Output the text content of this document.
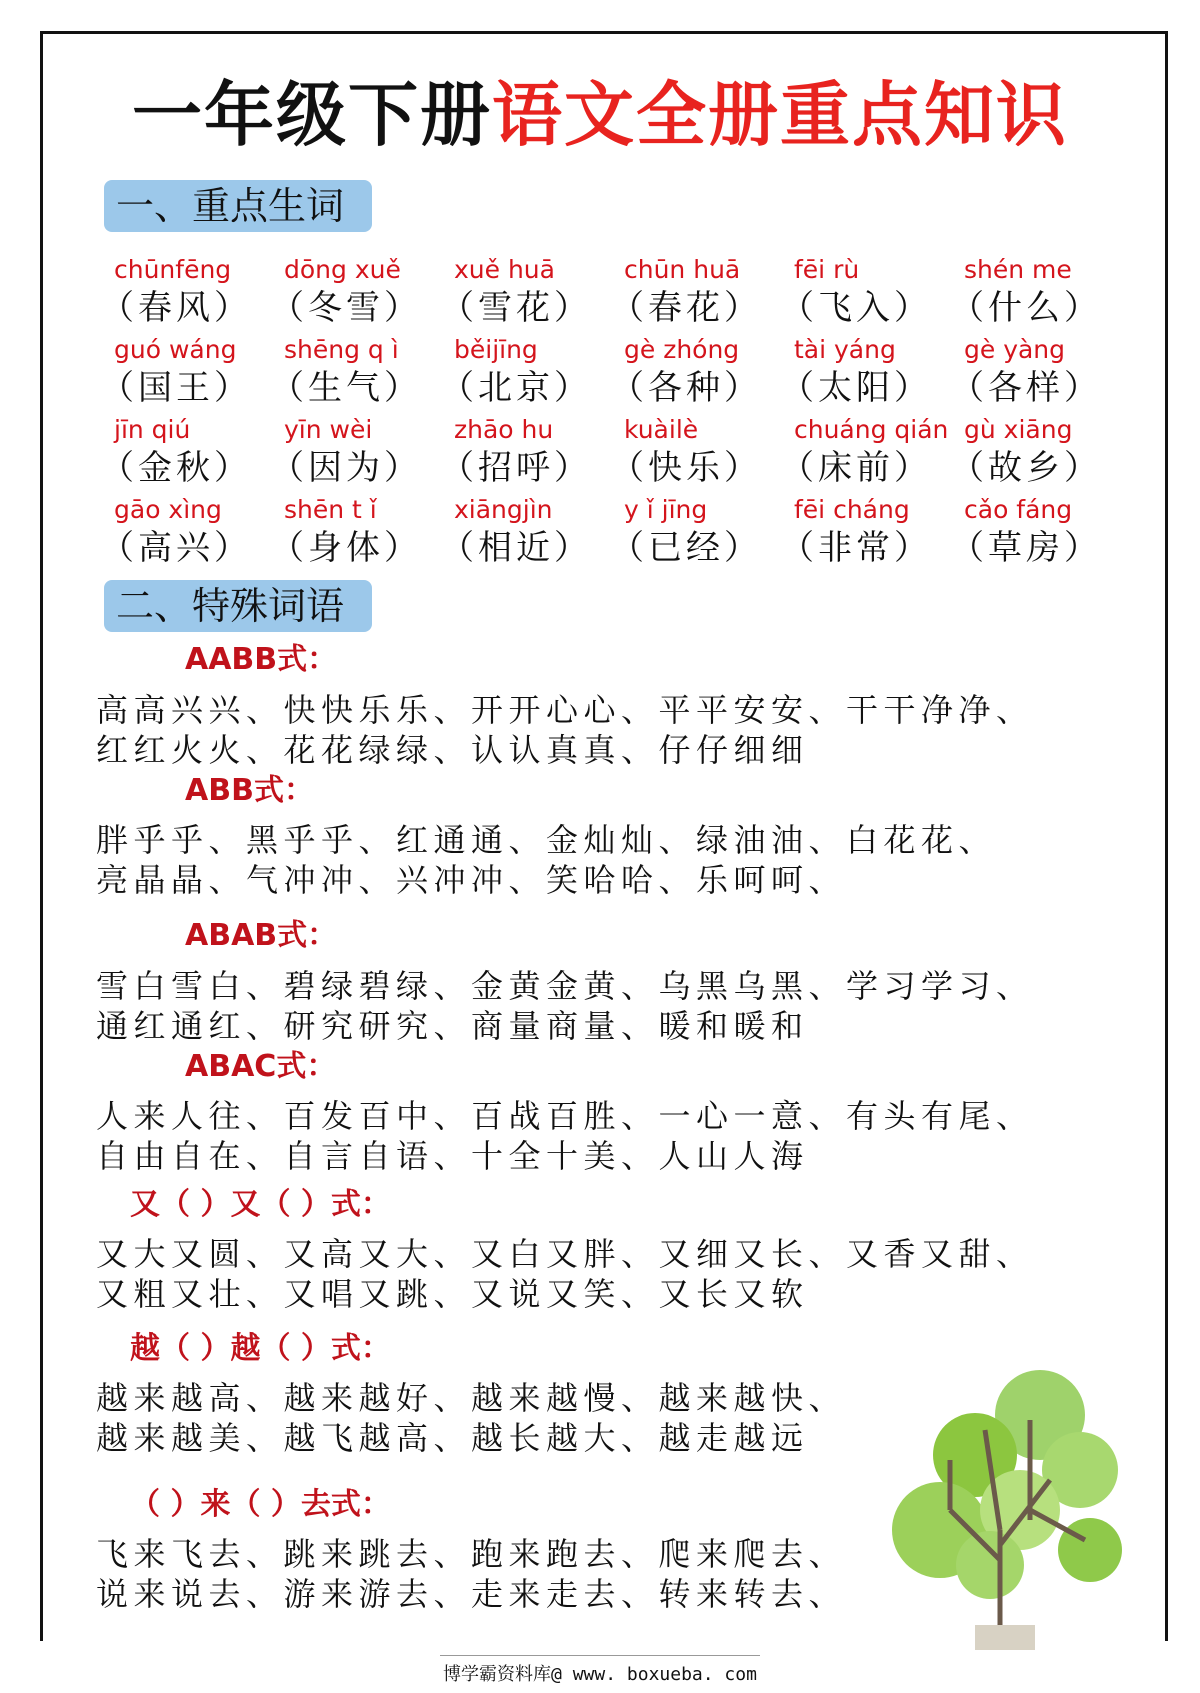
一年级下册语文全册重点知识
一、重点生词
chūnfēng
（春风）
dōng xuě
（冬雪）
xuě huā
（雪花）
chūn huā
（春花）
fēi rù
（飞入）
shén me
（什么）
guó wáng
（国王）
shēng q ì
（生气）
běijīng
（北京）
gè zhóng
（各种）
tài yáng
（太阳）
gè yàng
（各样）
jīn qiú
（金秋）
yīn wèi
（因为）
zhāo hu
（招呼）
kuàilè
（快乐）
chuáng qián
（床前）
gù xiāng
（故乡）
gāo xìng
（高兴）
shēn t ǐ
（身体）
xiāngjìn
（相近）
y ǐ jīng
（已经）
fēi cháng
（非常）
cǎo fáng
（草房）
二、特殊词语
AABB式：
高高兴兴、快快乐乐、开开心心、平平安安、干干净净、
红红火火、花花绿绿、认认真真、仔仔细细
ABB式：
胖乎乎、黑乎乎、红通通、金灿灿、绿油油、白花花、
亮晶晶、气冲冲、兴冲冲、笑哈哈、乐呵呵、
ABAB式：
雪白雪白、碧绿碧绿、金黄金黄、乌黑乌黑、学习学习、
通红通红、研究研究、商量商量、暖和暖和
ABAC式：
人来人往、百发百中、百战百胜、一心一意、有头有尾、
自由自在、自言自语、十全十美、人山人海
又（ ）又（ ）式：
又大又圆、又高又大、又白又胖、又细又长、又香又甜、
又粗又壮、又唱又跳、又说又笑、又长又软
越（ ）越（ ）式：
越来越高、越来越好、越来越慢、越来越快、
越来越美、越飞越高、越长越大、越走越远
（ ）来（ ）去式：
飞来飞去、跳来跳去、跑来跑去、爬来爬去、
说来说去、游来游去、走来走去、转来转去、
博学霸资料库@ www. boxueba. com
